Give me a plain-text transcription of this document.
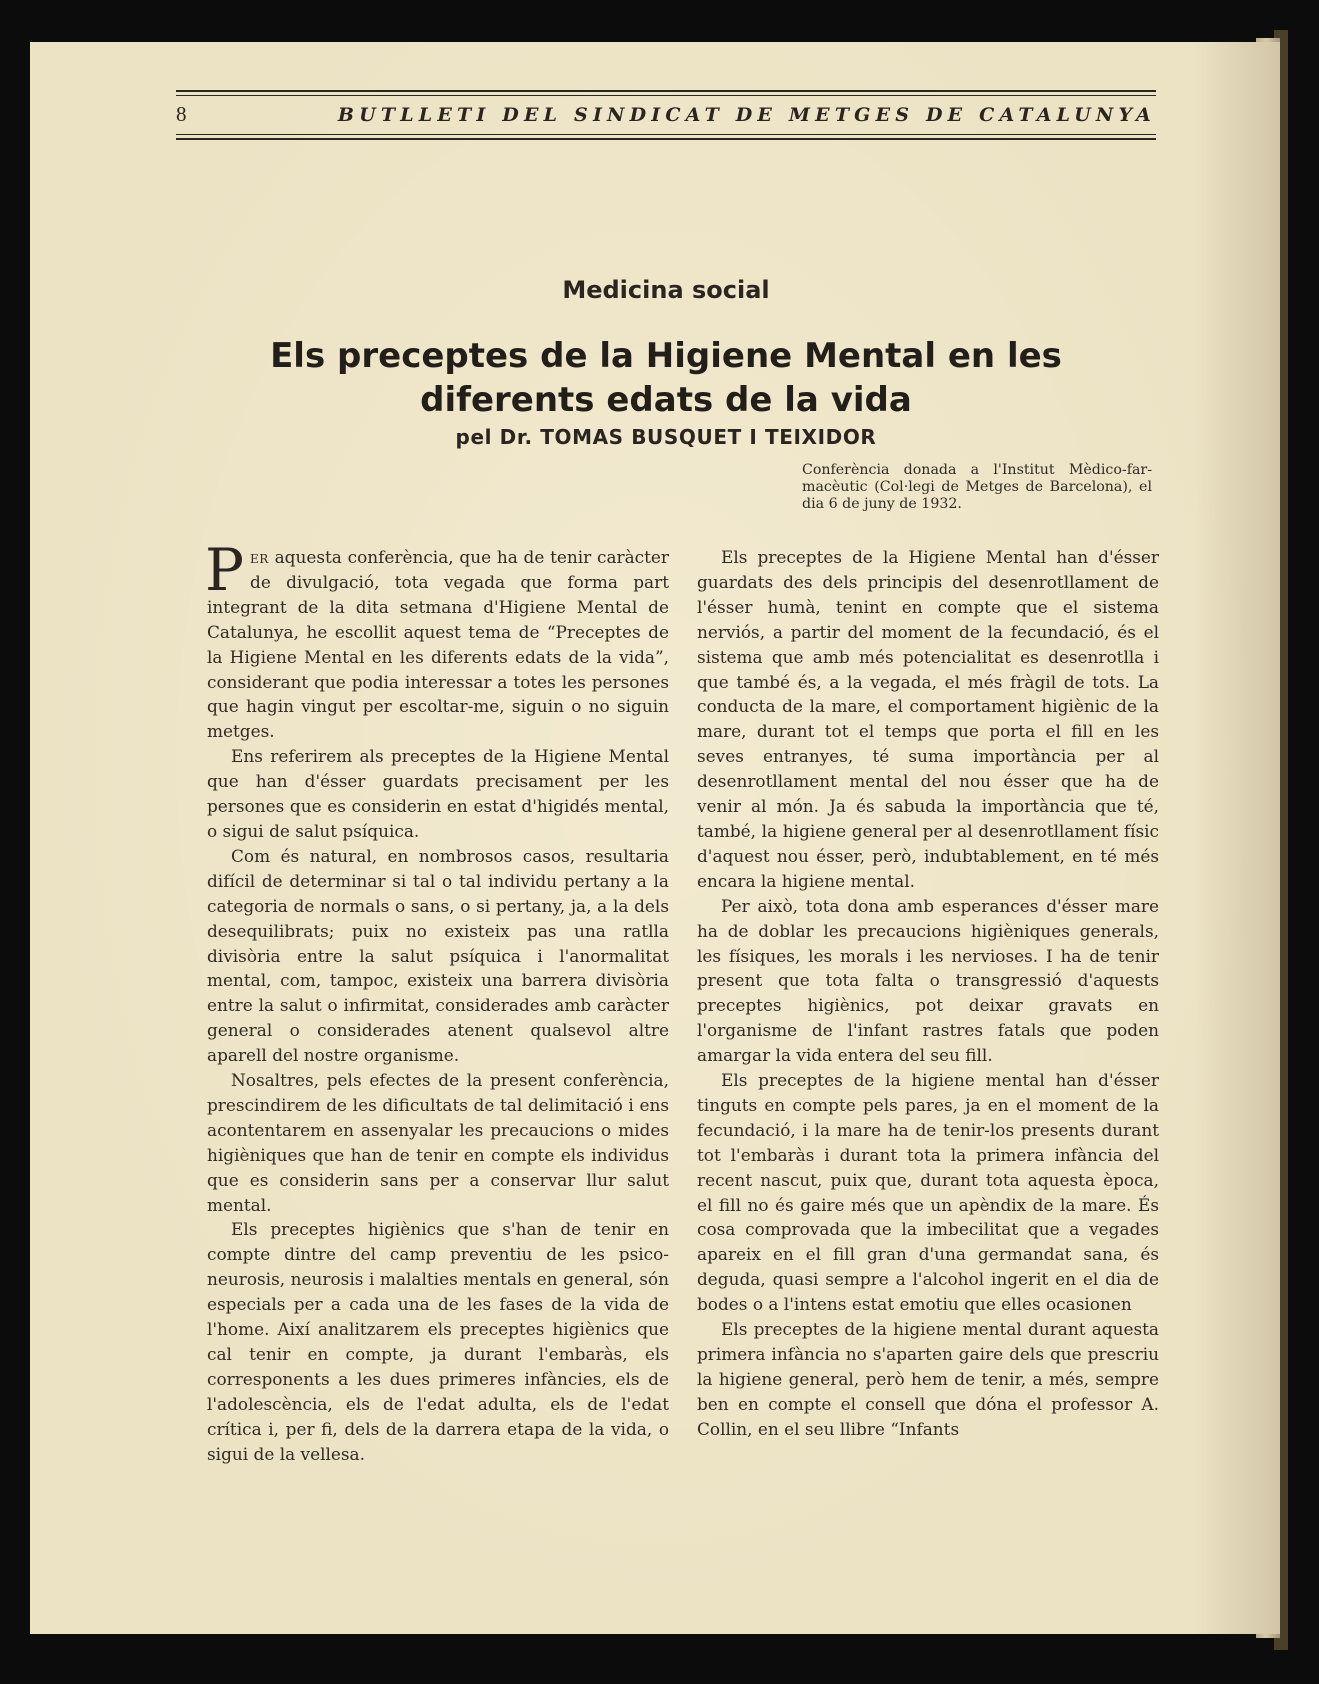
8	BUTLLETI DEL SINDICAT DE METGES DE CATALUNYA
Medicina social
Els preceptes de la Higiene Mental en les
diferents edats de la vida
pel Dr. TOMAS BUSQUET I TEIXIDOR
Conferència donada a l'Institut Mèdico-farmacèutic (Col·legi de Metges de Barcelona), el dia 6 de juny de 1932.

Per aquesta conferència, que ha de tenir caràcter de divulgació, tota vegada que forma part integrant de la dita setmana d'Higiene Mental de Catalunya, he escollit aquest tema de “Preceptes de la Higiene Mental en les diferents edats de la vida”, considerant que podia interessar a totes les persones que hagin vingut per escoltar-me, siguin o no siguin metges.

Ens referirem als preceptes de la Higiene Mental que han d'ésser guardats precisament per les persones que es considerin en estat d'higidés mental, o sigui de salut psíquica.

Com és natural, en nombrosos casos, resultaria difícil de determinar si tal o tal individu pertany a la categoria de normals o sans, o si pertany, ja, a la dels desequilibrats; puix no existeix pas una ratlla divisòria entre la salut psíquica i l'anormalitat mental, com, tampoc, existeix una barrera divisòria entre la salut o infirmitat, considerades amb caràcter general o considerades atenent qualsevol altre aparell del nostre organisme.

Nosaltres, pels efectes de la present conferència, prescindirem de les dificultats de tal delimitació i ens acontentarem en assenyalar les precaucions o mides higièniques que han de tenir en compte els individus que es considerin sans per a conservar llur salut mental.

Els preceptes higiènics que s'han de tenir en compte dintre del camp preventiu de les psiconeurosis, neurosis i malalties mentals en general, són especials per a cada una de les fases de la vida de l'home. Així analitzarem els preceptes higiènics que cal tenir en compte, ja durant l'embaràs, els corresponents a les dues primeres infàncies, els de l'adolescència, els de l'edat adulta, els de l'edat crítica i, per fi, dels de la darrera etapa de la vida, o sigui de la vellesa.

Els preceptes de la Higiene Mental han d'ésser guardats des dels principis del desenrotllament de l'ésser humà, tenint en compte que el sistema nerviós, a partir del moment de la fecundació, és el sistema que amb més potencialitat es desenrotlla i que també és, a la vegada, el més fràgil de tots. La conducta de la mare, el comportament higiènic de la mare, durant tot el temps que porta el fill en les seves entranyes, té suma importància per al desenrotllament mental del nou ésser que ha de venir al món. Ja és sabuda la importància que té, també, la higiene general per al desenrotllament físic d'aquest nou ésser, però, indubtablement, en té més encara la higiene mental.

Per això, tota dona amb esperances d'ésser mare ha de doblar les precaucions higièniques generals, les físiques, les morals i les nervioses. I ha de tenir present que tota falta o transgressió d'aquests preceptes higiènics, pot deixar gravats en l'organisme de l'infant rastres fatals que poden amargar la vida entera del seu fill.

Els preceptes de la higiene mental han d'ésser tinguts en compte pels pares, ja en el moment de la fecundació, i la mare ha de tenir-los presents durant tot l'embaràs i durant tota la primera infància del recent nascut, puix que, durant tota aquesta època, el fill no és gaire més que un apèndix de la mare. És cosa comprovada que la imbecilitat que a vegades apareix en el fill gran d'una germandat sana, és deguda, quasi sempre a l'alcohol ingerit en el dia de bodes o a l'intens estat emotiu que elles ocasionen

Els preceptes de la higiene mental durant aquesta primera infància no s'aparten gaire dels que prescriu la higiene general, però hem de tenir, a més, sempre ben en compte el consell que dóna el professor A. Collin, en el seu llibre “Infants
